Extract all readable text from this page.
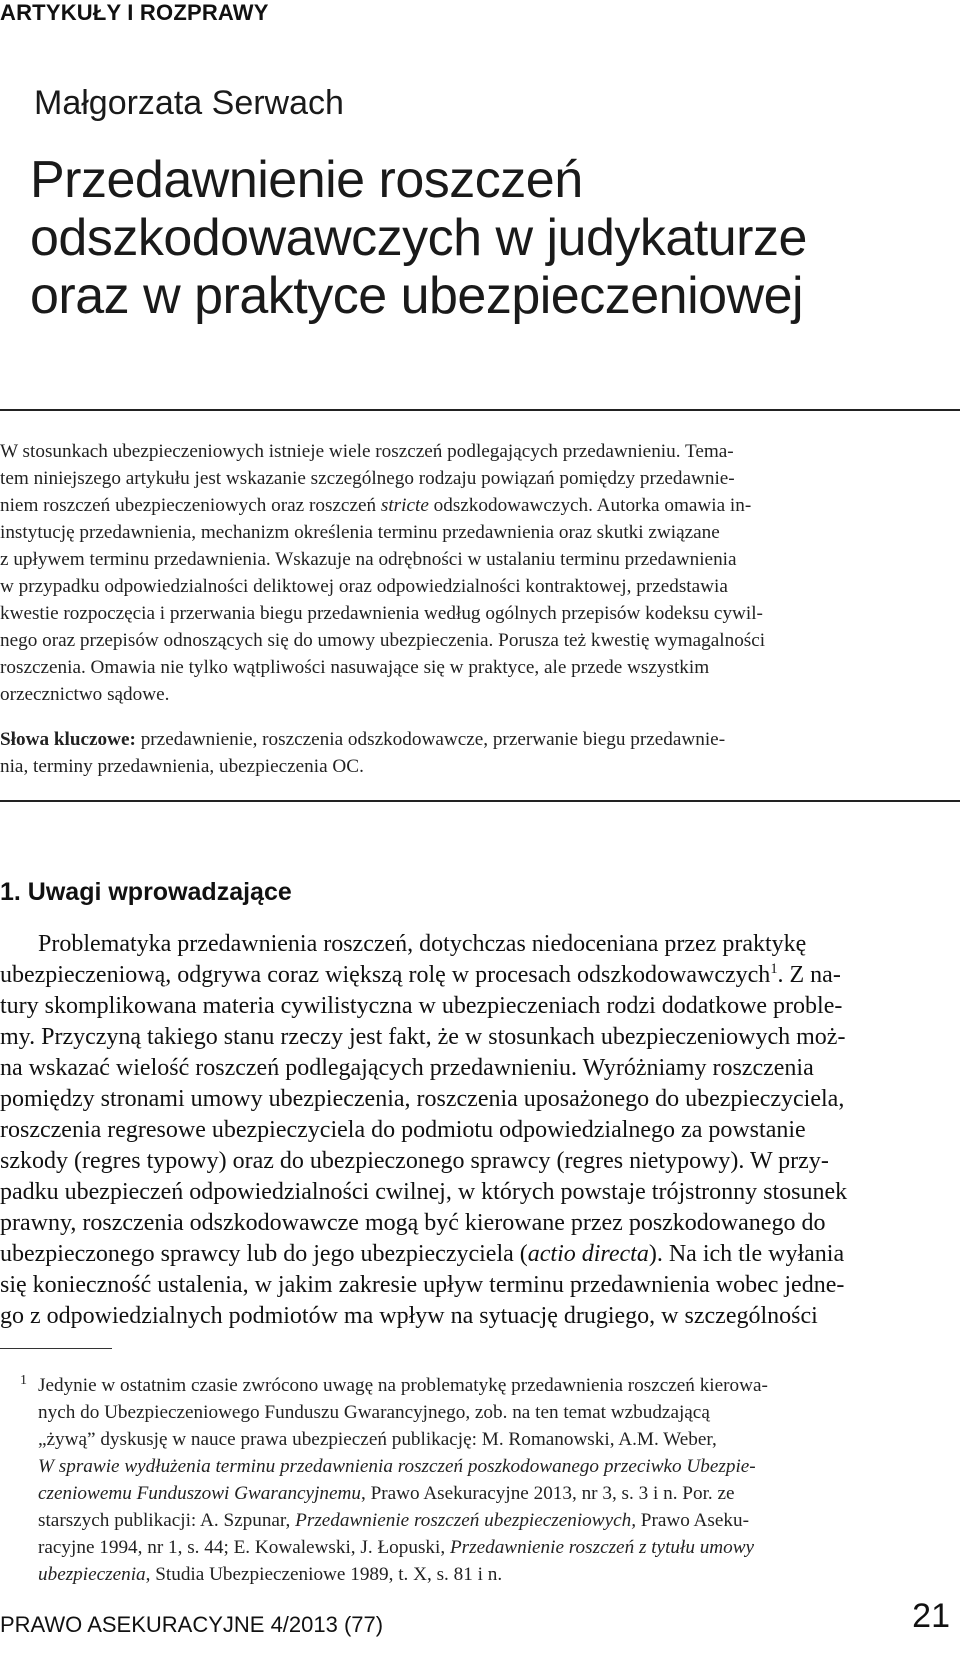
ARTYKUŁY I ROZPRAWY
Małgorzata Serwach
Przedawnienie roszczeń
odszkodowawczych w judykaturze
oraz w praktyce ubezpieczeniowej
W stosunkach ubezpieczeniowych istnieje wiele roszczeń podlegających przedawnieniu. Tema-
tem niniejszego artykułu jest wskazanie szczególnego rodzaju powiązań pomiędzy przedawnie-
niem roszczeń ubezpieczeniowych oraz roszczeń stricte odszkodowawczych. Autorka omawia in-
instytucję przedawnienia, mechanizm określenia terminu przedawnienia oraz skutki związane
z upływem terminu przedawnienia. Wskazuje na odrębności w ustalaniu terminu przedawnienia
w przypadku odpowiedzialności deliktowej oraz odpowiedzialności kontraktowej, przedstawia
kwestie rozpoczęcia i przerwania biegu przedawnienia według ogólnych przepisów kodeksu cywil-
nego oraz przepisów odnoszących się do umowy ubezpieczenia. Porusza też kwestię wymagalności
roszczenia. Omawia nie tylko wątpliwości nasuwające się w praktyce, ale przede wszystkim
orzecznictwo sądowe.
Słowa kluczowe: przedawnienie, roszczenia odszkodowawcze, przerwanie biegu przedawnie-
nia, terminy przedawnienia, ubezpieczenia OC.
1. Uwagi wprowadzające
Problematyka przedawnienia roszczeń, dotychczas niedoceniana przez praktykę
ubezpieczeniową, odgrywa coraz większą rolę w procesach odszkodowawczych$^1$. Z na-
tury skomplikowana materia cywilistyczna w ubezpieczeniach rodzi dodatkowe proble-
my. Przyczyną takiego stanu rzeczy jest fakt, że w stosunkach ubezpieczeniowych moż-
na wskazać wielość roszczeń podlegających przedawnieniu. Wyróżniamy roszczenia
pomiędzy stronami umowy ubezpieczenia, roszczenia uposażonego do ubezpieczyciela,
roszczenia regresowe ubezpieczyciela do podmiotu odpowiedzialnego za powstanie
szkody (regres typowy) oraz do ubezpieczonego sprawcy (regres nietypowy). W przy-
padku ubezpieczeń odpowiedzialności cwilnej, w których powstaje trójstronny stosunek
prawny, roszczenia odszkodowawcze mogą być kierowane przez poszkodowanego do
ubezpieczonego sprawcy lub do jego ubezpieczyciela (actio directa). Na ich tle wyłania
się konieczność ustalenia, w jakim zakresie upływ terminu przedawnienia wobec jedne-
go z odpowiedzialnych podmiotów ma wpływ na sytuację drugiego, w szczególności
1 Jedynie w ostatnim czasie zwrócono uwagę na problematykę przedawnienia roszczeń kierowa-
nych do Ubezpieczeniowego Funduszu Gwarancyjnego, zob. na ten temat wzbudzającą
„żywą” dyskusję w nauce prawa ubezpieczeń publikację: M. Romanowski, A.M. Weber,
W sprawie wydłużenia terminu przedawnienia roszczeń poszkodowanego przeciwko Ubezpie-
czeniowemu Funduszowi Gwarancyjnemu, Prawo Asekuracyjne 2013, nr 3, s. 3 i n. Por. ze
starszych publikacji: A. Szpunar, Przedawnienie roszczeń ubezpieczeniowych, Prawo Aseku-
racyjne 1994, nr 1, s. 44; E. Kowalewski, J. Łopuski, Przedawnienie roszczeń z tytułu umowy
ubezpieczenia, Studia Ubezpieczeniowe 1989, t. X, s. 81 i n.
PRAWO ASEKURACYJNE 4/2013 (77)	21
